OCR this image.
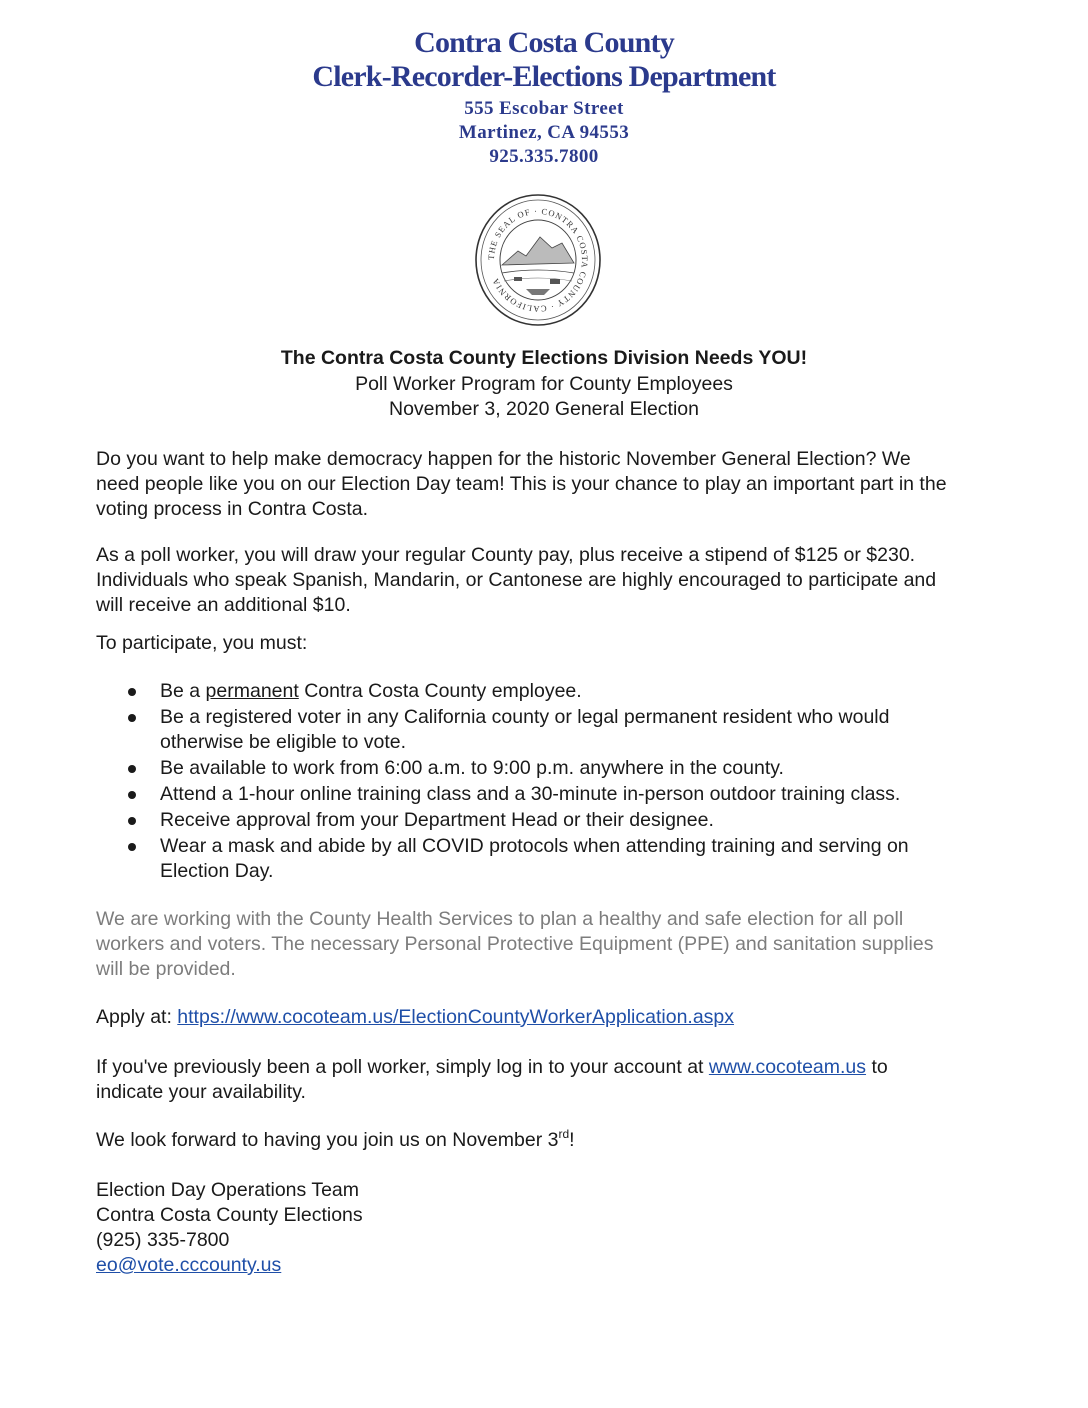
Contra Costa County
Clerk-Recorder-Elections Department
555 Escobar Street
Martinez, CA 94553
925.335.7800
THE SEAL OF · CONTRA COSTA COUNTY · CALIFORNIA
The Contra Costa County Elections Division Needs YOU!
Poll Worker Program for County Employees
November 3, 2020 General Election
Do you want to help make democracy happen for the historic November General Election? We
need people like you on our Election Day team! This is your chance to play an important part in the
voting process in Contra Costa.
As a poll worker, you will draw your regular County pay, plus receive a stipend of $125 or $230.
Individuals who speak Spanish, Mandarin, or Cantonese are highly encouraged to participate and
will receive an additional $10.
To participate, you must:
Be a permanent Contra Costa County employee.
Be a registered voter in any California county or legal permanent resident who would
otherwise be eligible to vote.
Be available to work from 6:00 a.m. to 9:00 p.m. anywhere in the county.
Attend a 1-hour online training class and a 30-minute in-person outdoor training class.
Receive approval from your Department Head or their designee.
Wear a mask and abide by all COVID protocols when attending training and serving on
Election Day.
We are working with the County Health Services to plan a healthy and safe election for all poll
workers and voters. The necessary Personal Protective Equipment (PPE) and sanitation supplies
will be provided.
Apply at: https://www.cocoteam.us/ElectionCountyWorkerApplication.aspx
If you've previously been a poll worker, simply log in to your account at www.cocoteam.us to
indicate your availability.
We look forward to having you join us on November 3rd!
Election Day Operations Team
Contra Costa County Elections
(925) 335-7800
eo@vote.cccounty.us
